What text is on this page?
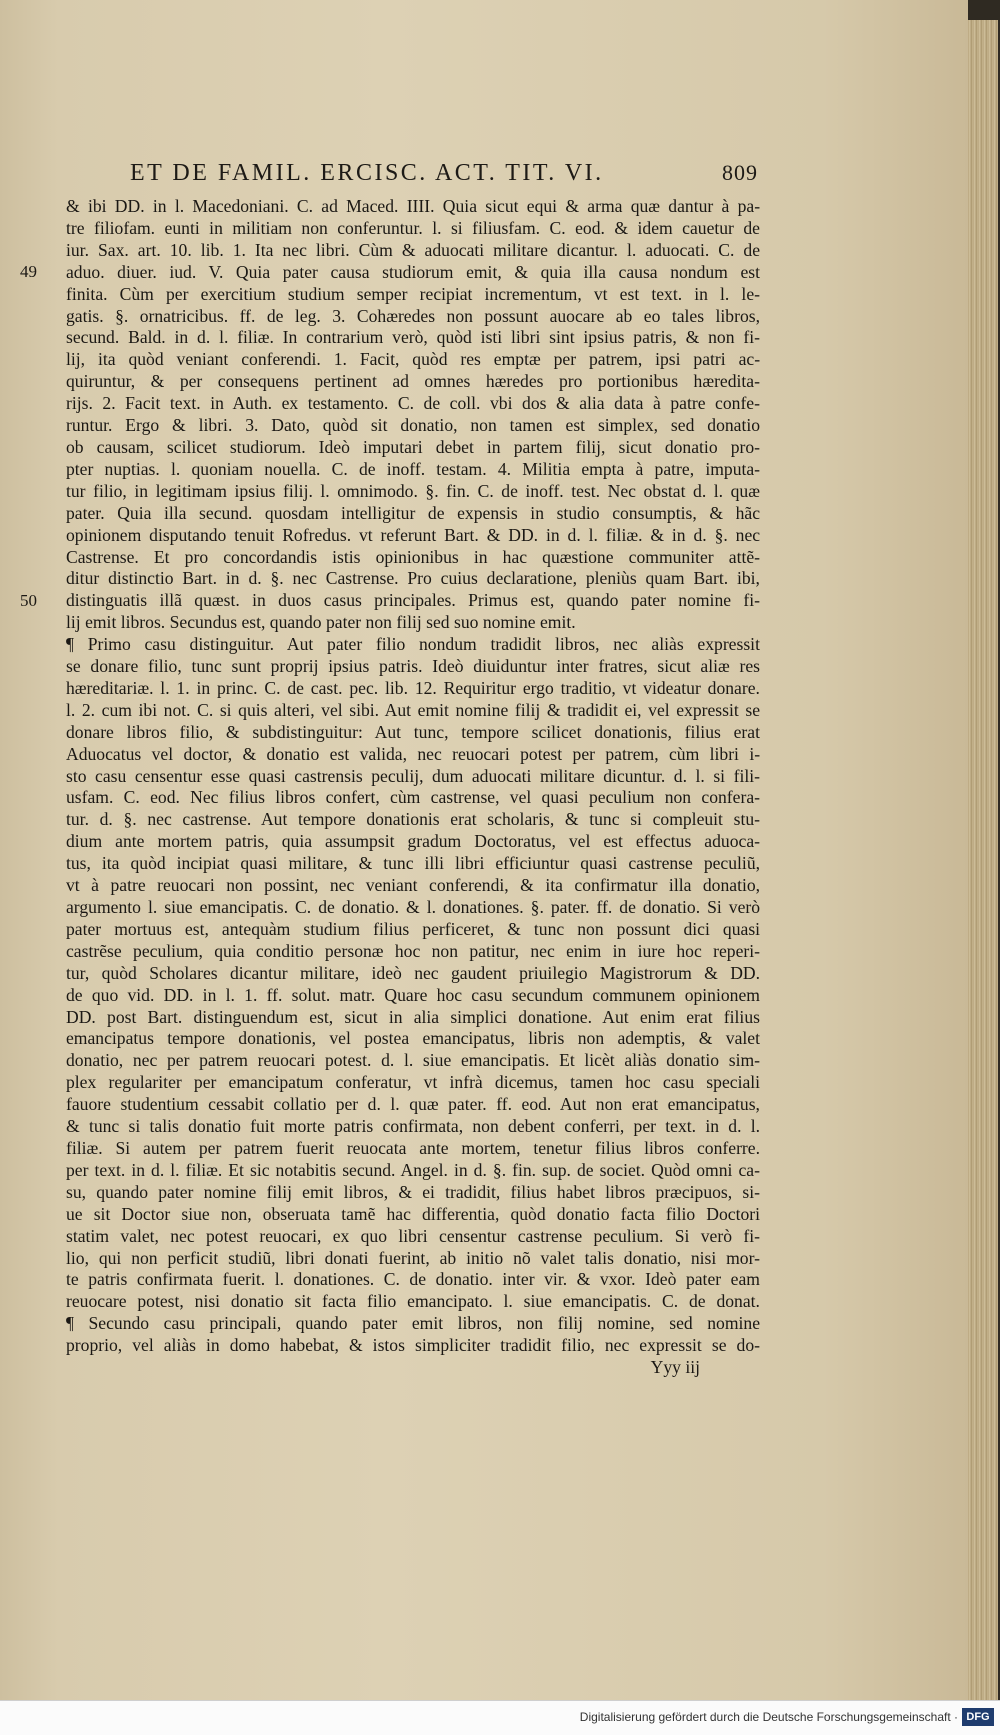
ET DE FAMIL. ERCISC. ACT. TIT. VI.	809
49
50
& ibi DD. in l. Macedoniani. C. ad Maced. IIII. Quia sicut equi & arma quæ dantur à pa-
tre filiofam. eunti in militiam non conferuntur. l. si filiusfam. C. eod. & idem cauetur de
iur. Sax. art. 10. lib. 1. Ita nec libri. Cùm & aduocati militare dicantur. l. aduocati. C. de
aduo. diuer. iud. V. Quia pater causa studiorum emit, & quia illa causa nondum est
finita. Cùm per exercitium studium semper recipiat incrementum, vt est text. in l. le-
gatis. §. ornatricibus. ff. de leg. 3. Cohæredes non possunt auocare ab eo tales libros,
secund. Bald. in d. l. filiæ. In contrarium verò, quòd isti libri sint ipsius patris, & non fi-
lij, ita quòd veniant conferendi. 1. Facit, quòd res emptæ per patrem, ipsi patri ac-
quiruntur, & per consequens pertinent ad omnes hæredes pro portionibus hæredita-
rijs. 2. Facit text. in Auth. ex testamento. C. de coll. vbi dos & alia data à patre confe-
runtur. Ergo & libri. 3. Dato, quòd sit donatio, non tamen est simplex, sed donatio
ob causam, scilicet studiorum. Ideò imputari debet in partem filij, sicut donatio pro-
pter nuptias. l. quoniam nouella. C. de inoff. testam. 4. Militia empta à patre, imputa-
tur filio, in legitimam ipsius filij. l. omnimodo. §. fin. C. de inoff. test. Nec obstat d. l. quæ
pater. Quia illa secund. quosdam intelligitur de expensis in studio consumptis, & hãc
opinionem disputando tenuit Rofredus. vt referunt Bart. & DD. in d. l. filiæ. & in d. §. nec
Castrense. Et pro concordandis istis opinionibus in hac quæstione communiter attẽ-
ditur distinctio Bart. in d. §. nec Castrense. Pro cuius declaratione, pleniùs quam Bart. ibi,
distinguatis illã quæst. in duos casus principales. Primus est, quando pater nomine fi-
lij emit libros. Secundus est, quando pater non filij sed suo nomine emit.
¶ Primo casu distinguitur. Aut pater filio nondum tradidit libros, nec aliàs expressit
se donare filio, tunc sunt proprij ipsius patris. Ideò diuiduntur inter fratres, sicut aliæ res
hæreditariæ. l. 1. in princ. C. de cast. pec. lib. 12. Requiritur ergo traditio, vt videatur donare.
l. 2. cum ibi not. C. si quis alteri, vel sibi. Aut emit nomine filij & tradidit ei, vel expressit se
donare libros filio, & subdistinguitur: Aut tunc, tempore scilicet donationis, filius erat
Aduocatus vel doctor, & donatio est valida, nec reuocari potest per patrem, cùm libri i-
sto casu censentur esse quasi castrensis peculij, dum aduocati militare dicuntur. d. l. si fili-
usfam. C. eod. Nec filius libros confert, cùm castrense, vel quasi peculium non confera-
tur. d. §. nec castrense. Aut tempore donationis erat scholaris, & tunc si compleuit stu-
dium ante mortem patris, quia assumpsit gradum Doctoratus, vel est effectus aduoca-
tus, ita quòd incipiat quasi militare, & tunc illi libri efficiuntur quasi castrense peculiũ,
vt à patre reuocari non possint, nec veniant conferendi, & ita confirmatur illa donatio,
argumento l. siue emancipatis. C. de donatio. & l. donationes. §. pater. ff. de donatio. Si verò
pater mortuus est, antequàm studium filius perficeret, & tunc non possunt dici quasi
castrẽse peculium, quia conditio personæ hoc non patitur, nec enim in iure hoc reperi-
tur, quòd Scholares dicantur militare, ideò nec gaudent priuilegio Magistrorum & DD.
de quo vid. DD. in l. 1. ff. solut. matr. Quare hoc casu secundum communem opinionem
DD. post Bart. distinguendum est, sicut in alia simplici donatione. Aut enim erat filius
emancipatus tempore donationis, vel postea emancipatus, libris non ademptis, & valet
donatio, nec per patrem reuocari potest. d. l. siue emancipatis. Et licèt aliàs donatio sim-
plex regulariter per emancipatum conferatur, vt infrà dicemus, tamen hoc casu speciali
fauore studentium cessabit collatio per d. l. quæ pater. ff. eod. Aut non erat emancipatus,
& tunc si talis donatio fuit morte patris confirmata, non debent conferri, per text. in d. l.
filiæ. Si autem per patrem fuerit reuocata ante mortem, tenetur filius libros conferre.
per text. in d. l. filiæ. Et sic notabitis secund. Angel. in d. §. fin. sup. de societ. Quòd omni ca-
su, quando pater nomine filij emit libros, & ei tradidit, filius habet libros præcipuos, si-
ue sit Doctor siue non, obseruata tamẽ hac differentia, quòd donatio facta filio Doctori
statim valet, nec potest reuocari, ex quo libri censentur castrense peculium. Si verò fi-
lio, qui non perficit studiũ, libri donati fuerint, ab initio nõ valet talis donatio, nisi mor-
te patris confirmata fuerit. l. donationes. C. de donatio. inter vir. & vxor. Ideò pater eam
reuocare potest, nisi donatio sit facta filio emancipato. l. siue emancipatis. C. de donat.
¶ Secundo casu principali, quando pater emit libros, non filij nomine, sed nomine
proprio, vel aliàs in domo habebat, & istos simpliciter tradidit filio, nec expressit se do-
Yyy iij
Digitalisierung gefördert durch die Deutsche Forschungsgemeinschaft · DFG
